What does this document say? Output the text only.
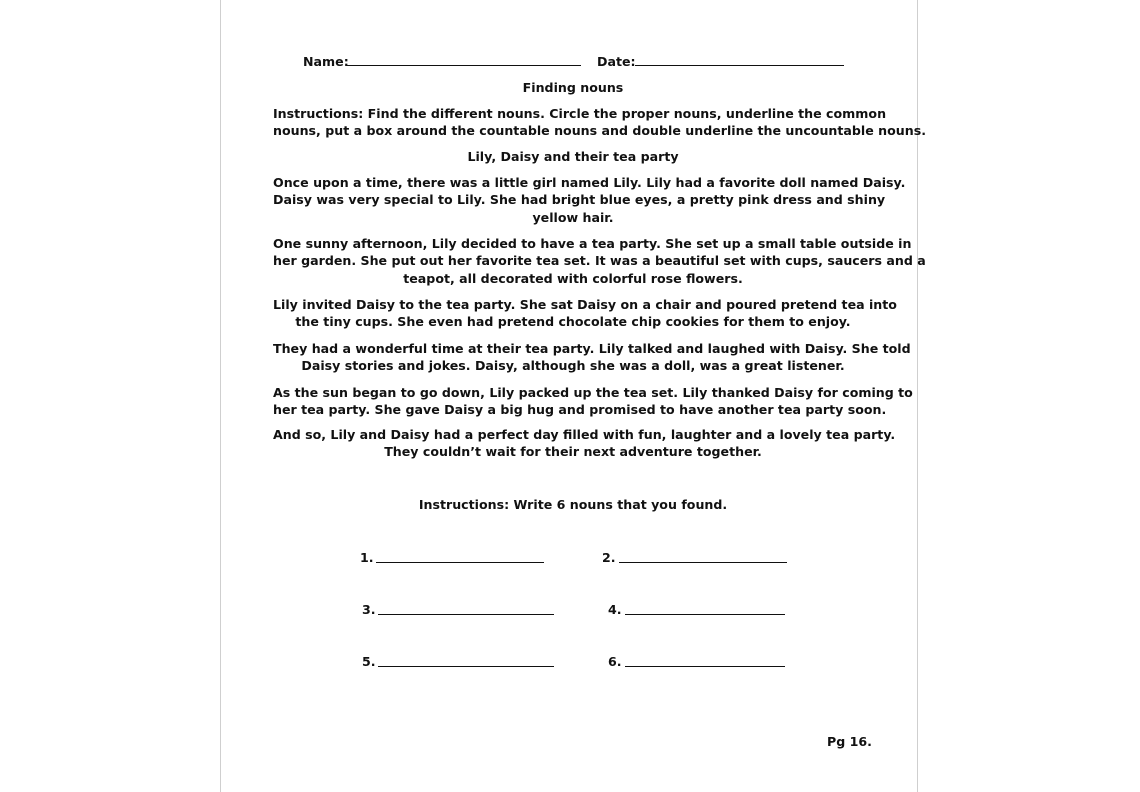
Name:	Date:
Finding nouns
Instructions: Find the different nouns. Circle the proper nouns, underline the common
nouns, put a box around the countable nouns and double underline the uncountable nouns.
Lily, Daisy and their tea party
Once upon a time, there was a little girl named Lily. Lily had a favorite doll named Daisy.
Daisy was very special to Lily. She had bright blue eyes, a pretty pink dress and shiny
yellow hair.
One sunny afternoon, Lily decided to have a tea party. She set up a small table outside in
her garden. She put out her favorite tea set. It was a beautiful set with cups, saucers and a
teapot, all decorated with colorful rose flowers.
Lily invited Daisy to the tea party. She sat Daisy on a chair and poured pretend tea into
the tiny cups. She even had pretend chocolate chip cookies for them to enjoy.
They had a wonderful time at their tea party. Lily talked and laughed with Daisy. She told
Daisy stories and jokes. Daisy, although she was a doll, was a great listener.
As the sun began to go down, Lily packed up the tea set. Lily thanked Daisy for coming to
her tea party. She gave Daisy a big hug and promised to have another tea party soon.
And so, Lily and Daisy had a perfect day filled with fun, laughter and a lovely tea party.
They couldn’t wait for their next adventure together.
Instructions: Write 6 nouns that you found.
1.	2.
3.	4.
5.	6.
Pg 16.
